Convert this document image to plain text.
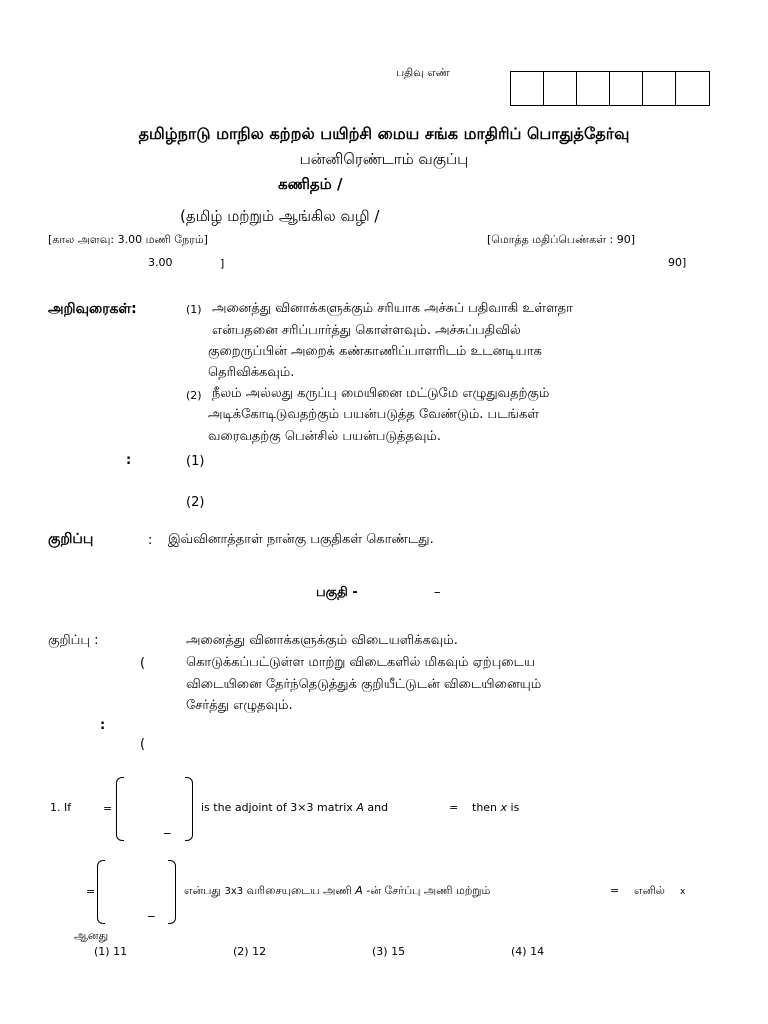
பதிவு எண்
தமிழ்நாடு மாநில கற்றல் பயிற்சி மைய சங்க மாதிரிப் பொதுத்தேர்வு
பன்னிரெண்டாம் வகுப்பு
கணிதம் /
(தமிழ் மற்றும் ஆங்கில வழி /
[கால அளவு: 3.00 மணி நேரம்]	[மொத்த மதிப்பெண்கள் : 90]
3.00	]	90]
அறிவுரைகள்:	(1) அனைத்து வினாக்களுக்கும் சரியாக அச்சுப் பதிவாகி உள்ளதா
என்பதனை சரிப்பார்த்து கொள்ளவும். அச்சுப்பதிவில்
குறைருப்பின் அறைக் கண்காணிப்பாளரிடம் உடனடியாக
தெரிவிக்கவும்.
(2) நீலம் அல்லது கருப்பு மையினை மட்டுமே எழுதுவதற்கும்
அடிக்கோடிடுவதற்கும் பயன்படுத்த வேண்டும். படங்கள்
வரைவதற்கு பென்சில் பயன்படுத்தவும்.
:	(1)
(2)
குறிப்பு	: இவ்வினாத்தாள் நான்கு பகுதிகள் கொண்டது.
பகுதி -	–
குறிப்பு :	அனைத்து வினாக்களுக்கும் விடையளிக்கவும்.
(	கொடுக்கப்பட்டுள்ள மாற்று விடைகளில் மிகவும் ஏற்புடைய
விடையினை தேர்ந்தெடுத்துக் குறியீட்டுடன் விடையினையும்
சேர்த்து எழுதவும்.
:
(
1. If	=
_
is the adjoint of 3×3 matrix A and	= then x is
=
_
என்பது 3x3 வரிசையுடைய அணி A -ன் சேர்ப்பு அணி மற்றும்	= எனில் x
ஆனது
(1) 11	(2) 12	(3) 15	(4) 14
